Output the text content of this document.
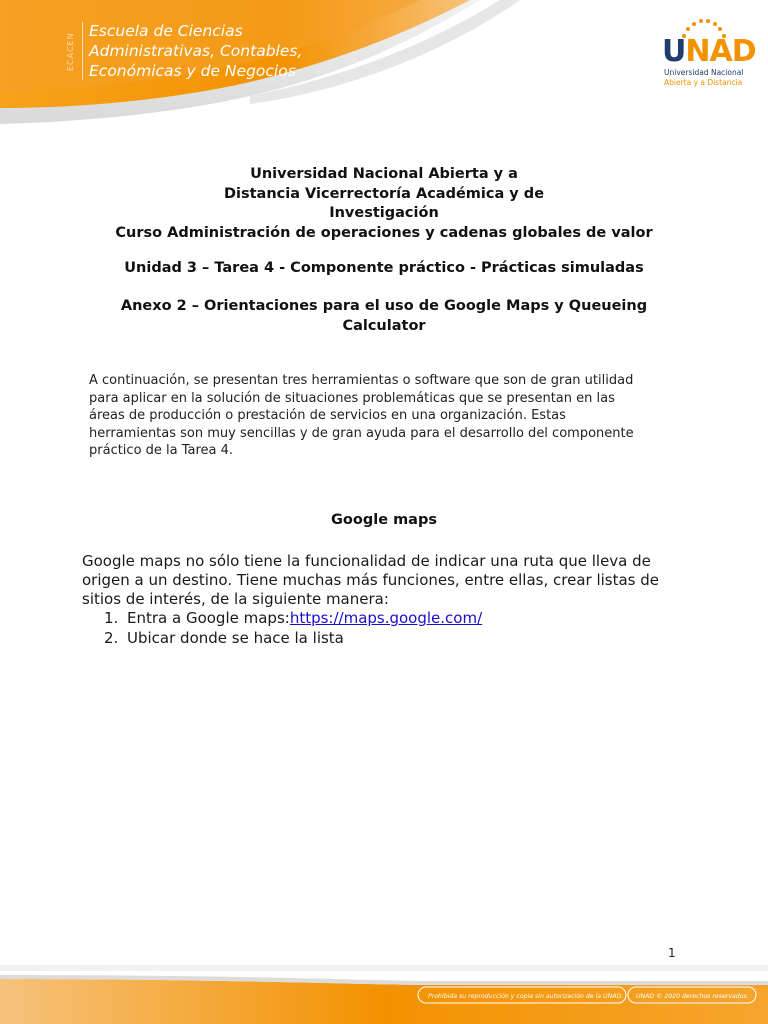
ECACEN
Escuela de Ciencias
Administrativas, Contables,
Económicas y de Negocios
UNAD
Universidad Nacional
Abierta y a Distancia
Universidad Nacional Abierta y a
Distancia Vicerrectoría Académica y de
Investigación
Curso Administración de operaciones y cadenas globales de valor
Unidad 3 – Tarea 4 - Componente práctico - Prácticas simuladas
Anexo 2 – Orientaciones para el uso de Google Maps y Queueing
Calculator
A continuación, se presentan tres herramientas o software que son de gran utilidad
para aplicar en la solución de situaciones problemáticas que se presentan en las
áreas de producción o prestación de servicios en una organización. Estas
herramientas son muy sencillas y de gran ayuda para el desarrollo del componente
práctico de la Tarea 4.
Google maps
Google maps no sólo tiene la funcionalidad de indicar una ruta que lleva de
origen a un destino. Tiene muchas más funciones, entre ellas, crear listas de
sitios de interés, de la siguiente manera:
1. Entra a Google maps: https://maps.google.com/
2. Ubicar donde se hace la lista
1
Prohibida su reproducción y copia sin autorización de la UNAD. UNAD © 2020 derechos reservados.
